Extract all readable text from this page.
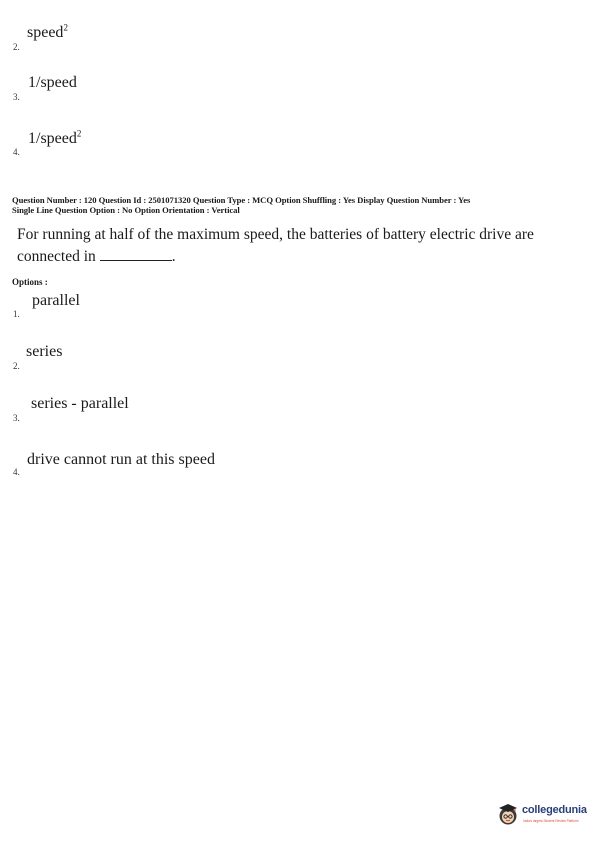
2.
speed$^2$
3.
1/speed
4.
1/speed$^2$
Question Number : 120 Question Id : 2501071320 Question Type : MCQ Option Shuffling : Yes Display Question Number : Yes
Single Line Question Option : No Option Orientation : Vertical
For running at half of the maximum speed, the batteries of battery electric drive are connected in	.
Options :
1.
parallel
2.
series
3.
series - parallel
4.
drive cannot run at this speed
collegedunia
India's largest Student Review Platform
